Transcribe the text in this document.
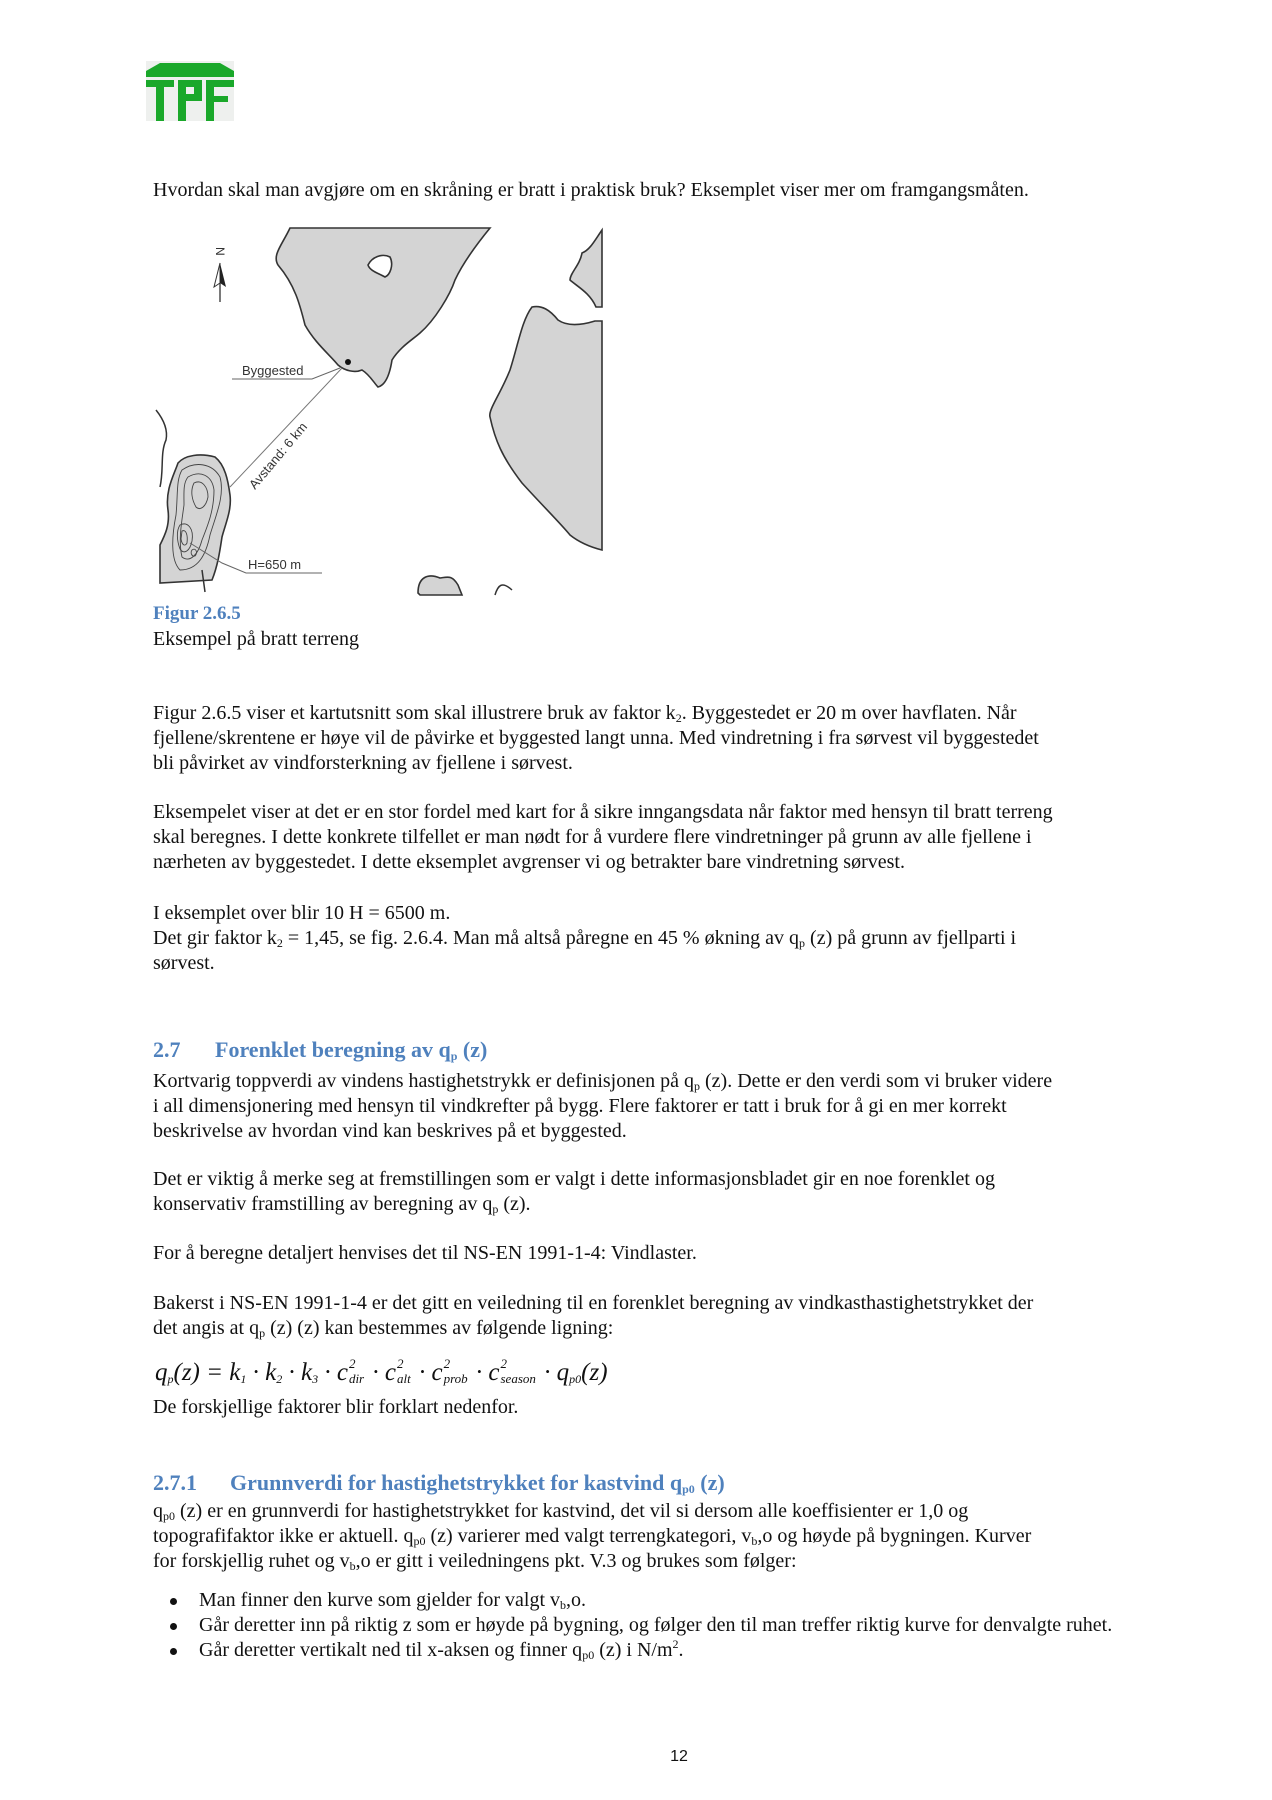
Hvordan skal man avgjøre om en skråning er bratt i praktisk bruk? Eksemplet viser mer om framgangsmåten.
N
Byggested
Avstand: 6 km
H=650 m
Figur 2.6.5
Eksempel på bratt terreng
Figur 2.6.5 viser et kartutsnitt som skal illustrere bruk av faktor $k_2$. Byggestedet er 20 m over havflaten. Når
fjellene/skrentene er høye vil de påvirke et byggested langt unna. Med vindretning i fra sørvest vil byggestedet
bli påvirket av vindforsterkning av fjellene i sørvest.
Eksempelet viser at det er en stor fordel med kart for å sikre inngangsdata når faktor med hensyn til bratt terreng
skal beregnes. I dette konkrete tilfellet er man nødt for å vurdere flere vindretninger på grunn av alle fjellene i
nærheten av byggestedet. I dette eksemplet avgrenser vi og betrakter bare vindretning sørvest.
I eksemplet over blir 10 H = 6500 m.
Det gir faktor $k_2 = 1,45$, se fig. 2.6.4. Man må altså påregne en 45 % økning av $q_p$ (z) på grunn av fjellparti i
sørvest.
2.7 Forenklet beregning av $q_p$ (z)
Kortvarig toppverdi av vindens hastighetstrykk er definisjonen på $q_p$ (z). Dette er den verdi som vi bruker videre
i all dimensjonering med hensyn til vindkrefter på bygg. Flere faktorer er tatt i bruk for å gi en mer korrekt
beskrivelse av hvordan vind kan beskrives på et byggested.
Det er viktig å merke seg at fremstillingen som er valgt i dette informasjonsbladet gir en noe forenklet og
konservativ framstilling av beregning av $q_p$ (z).
For å beregne detaljert henvises det til NS-EN 1991-1-4: Vindlaster.
Bakerst i NS-EN 1991-1-4 er det gitt en veiledning til en forenklet beregning av vindkasthastighetstrykket der
det angis at $q_p$ (z) (z) kan bestemmes av følgende ligning:
$q_p(z) = k_1 \cdot k_2 \cdot k_3 \cdot c$ 2
dir · c 2
alt · c 2
prob · c 2
season · $q_{p0}(z)$
De forskjellige faktorer blir forklart nedenfor.
2.7.1 Grunnverdi for hastighetstrykket for kastvind $q_{p0}$ (z)
$q_{p0}$ (z) er en grunnverdi for hastighetstrykket for kastvind, det vil si dersom alle koeffisienter er 1,0 og
topografifaktor ikke er aktuell. $q_{p0}$ (z) varierer med valgt terrengkategori, $v_b,o$ og høyde på bygningen. Kurver
for forskjellig ruhet og $v_b,o$ er gitt i veiledningens pkt. V.3 og brukes som følger:
Man finner den kurve som gjelder for valgt $v_b,o$.
Går deretter inn på riktig z som er høyde på bygning, og følger den til man treffer riktig kurve for denvalgte ruhet.
Går deretter vertikalt ned til x-aksen og finner $q_{p0}$ (z) i $N/m^2$.
12
